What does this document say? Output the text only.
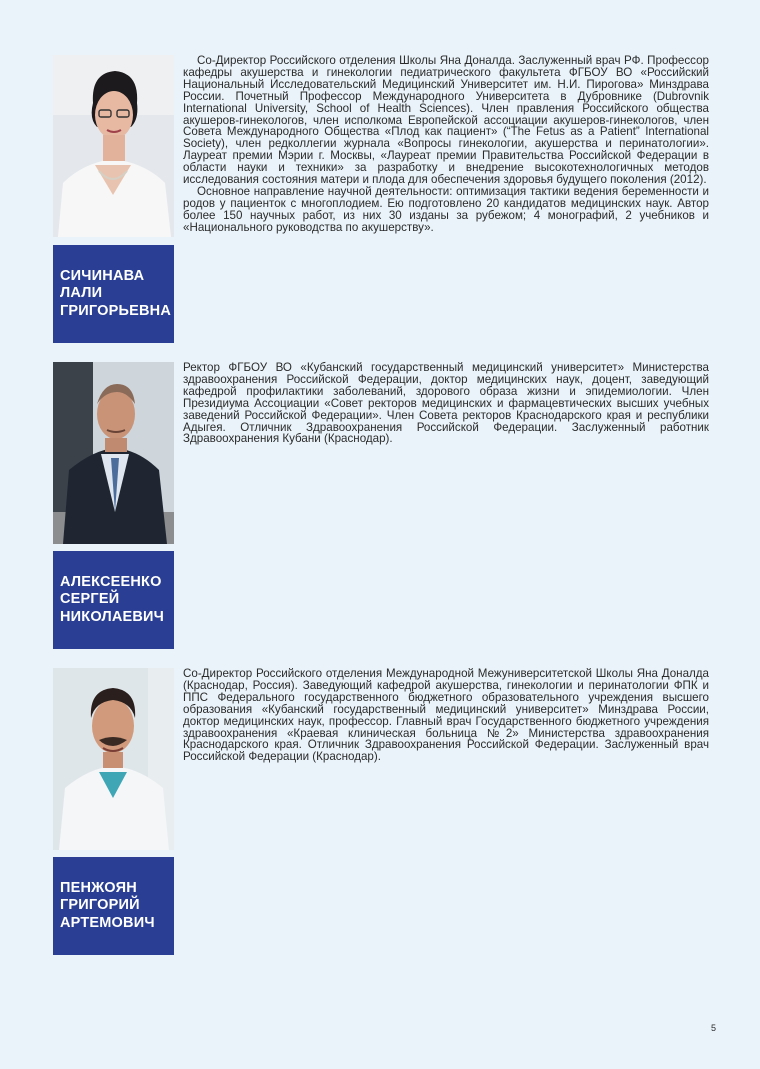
СИЧИНАВА
ЛАЛИ
ГРИГОРЬЕВНА

Со-Директор Российского отделения Школы Яна Доналда. Заслуженный врач РФ. Профессор кафедры акушерства и гинекологии педиатрического факультета ФГБОУ ВО «Российский Национальный Исследовательский Медицинский Университет им. Н.И. Пирогова» Минздрава России. Почетный Профессор Международного Университета в Дубровнике (Dubrovnik International University, School of Health Sciences). Член правления Российского общества акушеров-гинекологов, член исполкома Европейской ассоциации акушеров-гинекологов, член Совета Международного Общества «Плод как пациент» (“The Fetus as a Patient” International Society), член редколлегии журнала «Вопросы гинекологии, акушерства и перинатологии». Лауреат премии Мэрии г. Москвы, «Лауреат премии Правительства Российской Федерации в области науки и техники» за разработку и внедрение высокотехнологичных методов исследования состояния матери и плода для обеспечения здоровья будущего поколения (2012).

Основное направление научной деятельности: оптимизация тактики ведения беременности и родов у пациенток с многоплодием. Ею подготовлено 20 кандидатов медицинских наук. Автор более 150 научных работ, из них 30 изданы за рубежом; 4 монографий, 2 учебников и «Национального руководства по акушерству».

АЛЕКСЕЕНКО
СЕРГЕЙ
НИКОЛАЕВИЧ

Ректор ФГБОУ ВО «Кубанский государственный медицинский университет» Министерства здравоохранения Российской Федерации, доктор медицинских наук, доцент, заведующий кафедрой профилактики заболеваний, здорового образа жизни и эпидемиологии. Член Президиума Ассоциации «Совет ректоров медицинских и фармацевтических высших учебных заведений Российской Федерации». Член Совета ректоров Краснодарского края и республики Адыгея. Отличник Здравоохранения Российской Федерации. Заслуженный работник Здравоохранения Кубани (Краснодар).

ПЕНЖОЯН
ГРИГОРИЙ
АРТЕМОВИЧ

Со-Директор Российского отделения Международной Межуниверситетской Школы Яна Доналда (Краснодар, Россия). Заведующий кафедрой акушерства, гинекологии и перинатологии ФПК и ППС Федерального государственного бюджетного образовательного учреждения высшего образования «Кубанский государственный медицинский университет» Минздрава России, доктор медицинских наук, профессор. Главный врач Государственного бюджетного учреждения здравоохранения «Краевая клиническая больница №2» Министерства здравоохранения Краснодарского края. Отличник Здравоохранения Российской Федерации. Заслуженный врач Российской Федерации (Краснодар).

5
